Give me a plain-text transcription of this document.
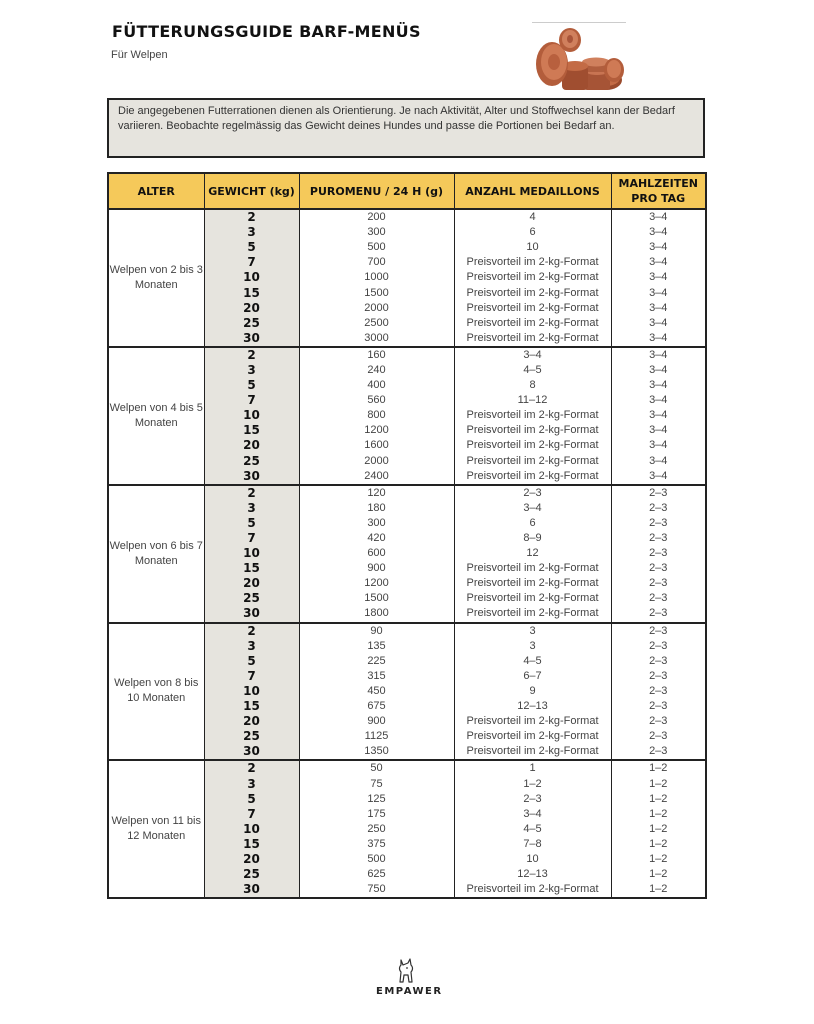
FÜTTERUNGSGUIDE BARF-MENÜS
Für Welpen
Die angegebenen Futterrationen dienen als Orientierung. Je nach Aktivität, Alter und Stoffwechsel kann der Bedarf variieren. Beobachte regelmässig das Gewicht deines Hundes und passe die Portionen bei Bedarf an.
ALTER	GEWICHT (kg)	PUROMENU / 24 H (g)	ANZAHL MEDAILLONS	MAHLZEITEN PRO TAG
Welpen von 2 bis 3 Monaten	2	200	4	3–4
	3	300	6	3–4
	5	500	10	3–4
	7	700	Preisvorteil im 2-kg-Format	3–4
	10	1000	Preisvorteil im 2-kg-Format	3–4
	15	1500	Preisvorteil im 2-kg-Format	3–4
	20	2000	Preisvorteil im 2-kg-Format	3–4
	25	2500	Preisvorteil im 2-kg-Format	3–4
	30	3000	Preisvorteil im 2-kg-Format	3–4
Welpen von 4 bis 5 Monaten	2	160	3–4	3–4
	3	240	4–5	3–4
	5	400	8	3–4
	7	560	11–12	3–4
	10	800	Preisvorteil im 2-kg-Format	3–4
	15	1200	Preisvorteil im 2-kg-Format	3–4
	20	1600	Preisvorteil im 2-kg-Format	3–4
	25	2000	Preisvorteil im 2-kg-Format	3–4
	30	2400	Preisvorteil im 2-kg-Format	3–4
Welpen von 6 bis 7 Monaten	2	120	2–3	2–3
	3	180	3–4	2–3
	5	300	6	2–3
	7	420	8–9	2–3
	10	600	12	2–3
	15	900	Preisvorteil im 2-kg-Format	2–3
	20	1200	Preisvorteil im 2-kg-Format	2–3
	25	1500	Preisvorteil im 2-kg-Format	2–3
	30	1800	Preisvorteil im 2-kg-Format	2–3
Welpen von 8 bis 10 Monaten	2	90	3	2–3
	3	135	3	2–3
	5	225	4–5	2–3
	7	315	6–7	2–3
	10	450	9	2–3
	15	675	12–13	2–3
	20	900	Preisvorteil im 2-kg-Format	2–3
	25	1125	Preisvorteil im 2-kg-Format	2–3
	30	1350	Preisvorteil im 2-kg-Format	2–3
Welpen von 11 bis 12 Monaten	2	50	1	1–2
	3	75	1–2	1–2
	5	125	2–3	1–2
	7	175	3–4	1–2
	10	250	4–5	1–2
	15	375	7–8	1–2
	20	500	10	1–2
	25	625	12–13	1–2
	30	750	Preisvorteil im 2-kg-Format	1–2
EMPAWER
